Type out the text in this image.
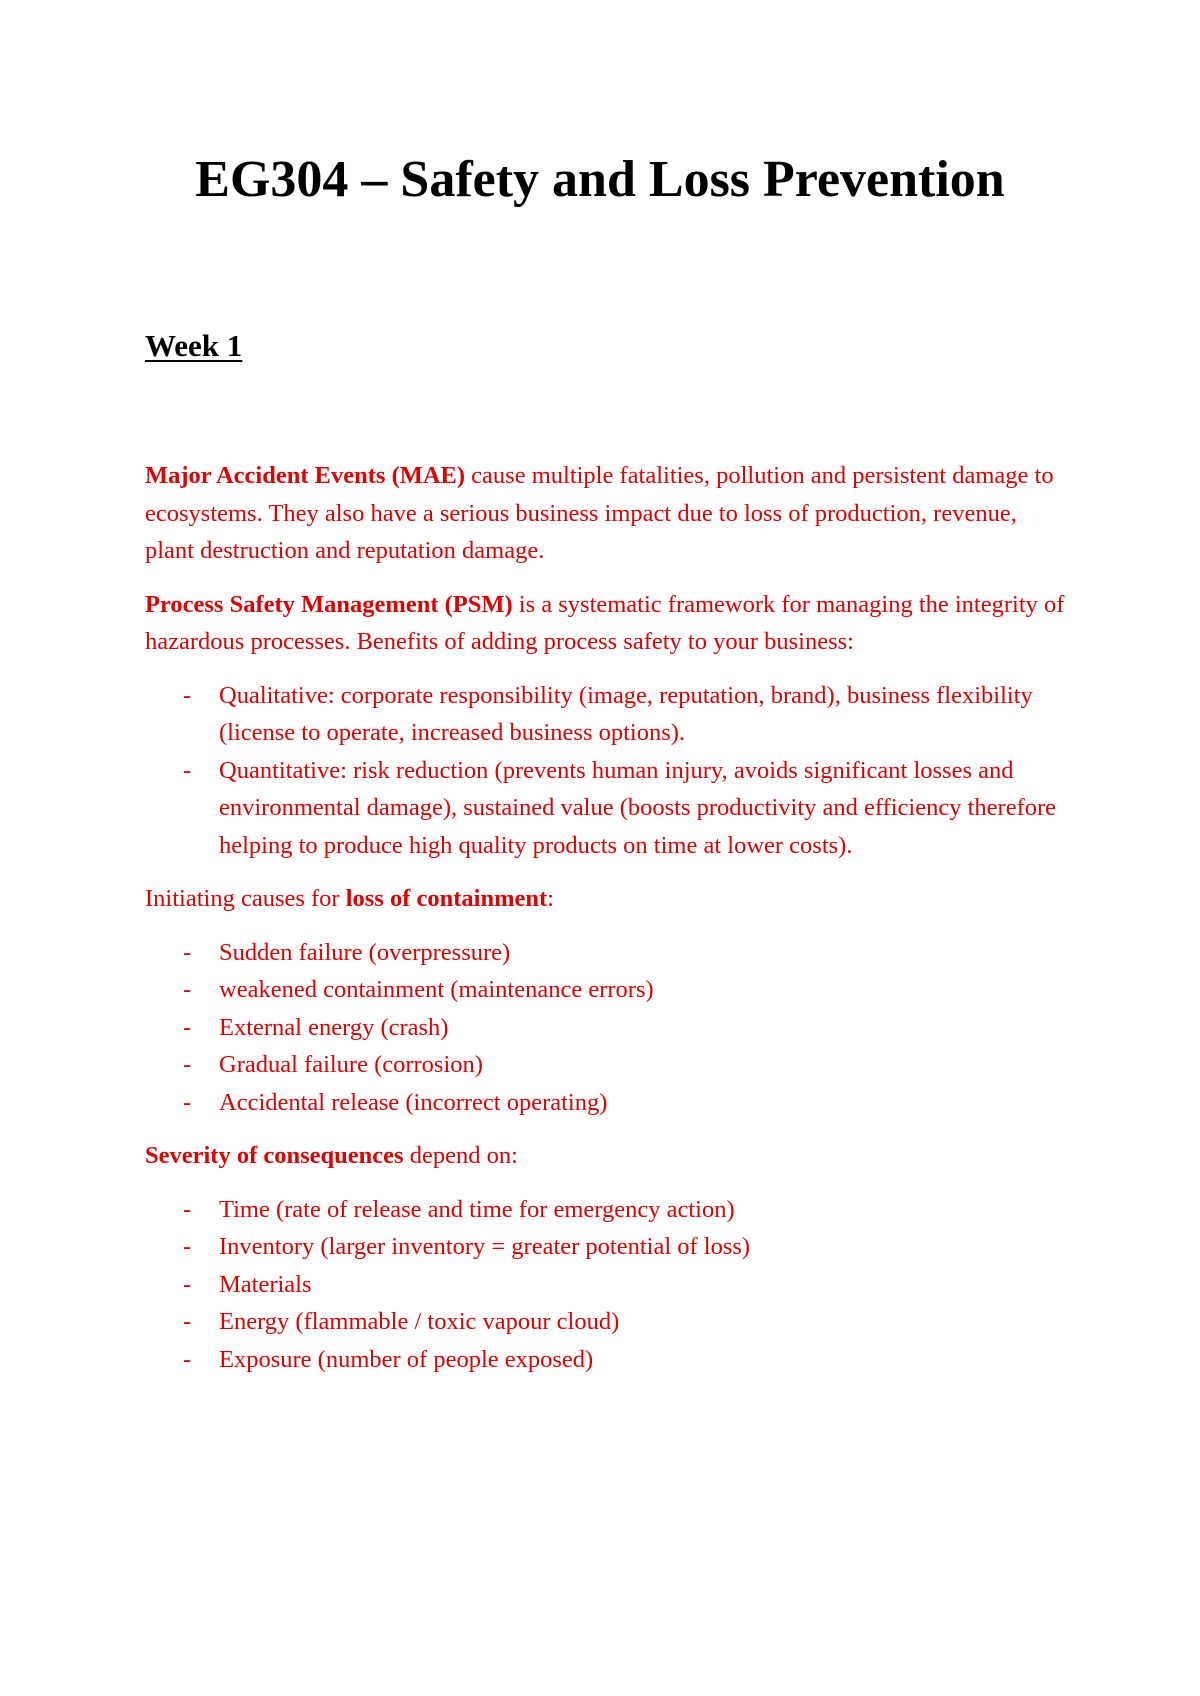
EG304 – Safety and Loss Prevention
Week 1

Major Accident Events (MAE) cause multiple fatalities, pollution and persistent damage to ecosystems. They also have a serious business impact due to loss of production, revenue, plant destruction and reputation damage.

Process Safety Management (PSM) is a systematic framework for managing the integrity of hazardous processes. Benefits of adding process safety to your business:

- Qualitative: corporate responsibility (image, reputation, brand), business flexibility (license to operate, increased business options).
- Quantitative: risk reduction (prevents human injury, avoids significant losses and environmental damage), sustained value (boosts productivity and efficiency therefore helping to produce high quality products on time at lower costs).

Initiating causes for loss of containment:

- Sudden failure (overpressure)
- weakened containment (maintenance errors)
- External energy (crash)
- Gradual failure (corrosion)
- Accidental release (incorrect operating)

Severity of consequences depend on:

- Time (rate of release and time for emergency action)
- Inventory (larger inventory = greater potential of loss)
- Materials
- Energy (flammable / toxic vapour cloud)
- Exposure (number of people exposed)
